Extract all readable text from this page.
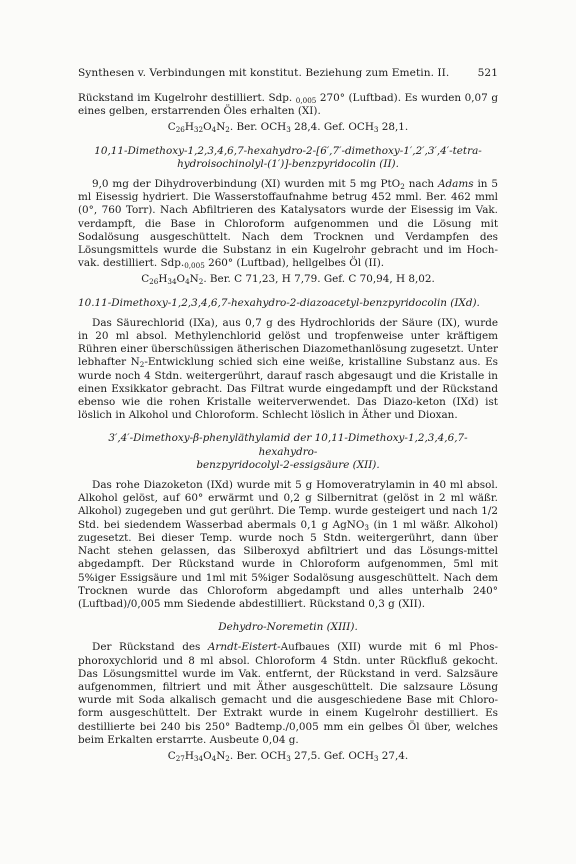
Synthesen v. Verbindungen mit konstitut. Beziehung zum Emetin. II.	521

Rückstand im Kugelrohr destilliert. Sdp. $_{0,005}$ 270° (Luftbad). Es wurden 0,07 g eines gelben, erstarrenden Öles erhalten (XI).

$C_{26}H_{32}O_4N_2$. Ber. $OCH_3$ 28,4. Gef. $OCH_3$ 28,1.

10,11-Dimethoxy-1,2,3,4,6,7-hexahydro-2-[6′,7′-dimethoxy-1′,2′,3′,4′-tetra-
hydroisochinolyl-(1′)]-benzpyridocolin (II).

9,0 mg der Dihydroverbindung (XI) wurden mit 5 mg PtO$_2$ nach Adams in 5 ml Eisessig hydriert. Die Wasserstoffaufnahme betrug 452 mml. Ber. 462 mml (0°, 760 Torr). Nach Abfiltrieren des Katalysators wurde der Eisessig im Vak. verdampft, die Base in Chloroform aufgenommen und die Lösung mit Sodalösung ausgeschüttelt. Nach dem Trocknen und Verdampfen des Lösungsmittels wurde die Substanz in ein Kugelrohr gebracht und im Hoch-vak. destilliert. $Sdp._{0,005}$ 260° (Luftbad), hellgelbes Öl (II).

$C_{26}H_{34}O_4N_2$. Ber. C 71,23, H 7,79. Gef. C 70,94, H 8,02.

10.11-Dimethoxy-1,2,3,4,6,7-hexahydro-2-diazoacetyl-benzpyridocolin (IXd).

Das Säurechlorid (IXa), aus 0,7 g des Hydrochlorids der Säure (IX), wurde in 20 ml absol. Methylenchlorid gelöst und tropfenweise unter kräftigem Rühren einer überschüssigen ätherischen Diazomethanlösung zugesetzt. Unter lebhafter $N_2$-Entwicklung schied sich eine weiße, kristalline Substanz aus. Es wurde noch 4 Stdn. weitergerührt, darauf rasch abgesaugt und die Kristalle in einen Exsikkator gebracht. Das Filtrat wurde eingedampft und der Rückstand ebenso wie die rohen Kristalle weiterverwendet. Das Diazo-keton (IXd) ist löslich in Alkohol und Chloroform. Schlecht löslich in Äther und Dioxan.

3′,4′-Dimethoxy-β-phenyläthylamid der 10,11-Dimethoxy-1,2,3,4,6,7-hexahydro-
benzpyridocolyl-2-essigsäure (XII).

Das rohe Diazoketon (IXd) wurde mit 5 g Homoveratrylamin in 40 ml absol. Alkohol gelöst, auf 60° erwärmt und 0,2 g Silbernitrat (gelöst in 2 ml wäßr. Alkohol) zugegeben und gut gerührt. Die Temp. wurde gesteigert und nach 1/2 Std. bei siedendem Wasserbad abermals 0,1 g AgNO$_3$ (in 1 ml wäßr. Alkohol) zugesetzt. Bei dieser Temp. wurde noch 5 Stdn. weitergerührt, dann über Nacht stehen gelassen, das Silberoxyd abfiltriert und das Lösungs-mittel abgedampft. Der Rückstand wurde in Chloroform aufgenommen, 5ml mit 5%iger Essigsäure und 1ml mit 5%iger Sodalösung ausgeschüttelt. Nach dem Trocknen wurde das Chloroform abgedampft und alles unterhalb 240° (Luftbad)/0,005 mm Siedende abdestilliert. Rückstand 0,3 g (XII).

Dehydro-Noremetin (XIII).

Der Rückstand des Arndt-Eistert-Aufbaues (XII) wurde mit 6 ml Phos-phoroxychlorid und 8 ml absol. Chloroform 4 Stdn. unter Rückfluß gekocht. Das Lösungsmittel wurde im Vak. entfernt, der Rückstand in verd. Salzsäure aufgenommen, filtriert und mit Äther ausgeschüttelt. Die salzsaure Lösung wurde mit Soda alkalisch gemacht und die ausgeschiedene Base mit Chloro-form ausgeschüttelt. Der Extrakt wurde in einem Kugelrohr destilliert. Es destillierte bei 240 bis 250° Badtemp./0,005 mm ein gelbes Öl über, welches beim Erkalten erstarrte. Ausbeute 0,04 g.

$C_{27}H_{34}O_4N_2$. Ber. $OCH_3$ 27,5. Gef. $OCH_3$ 27,4.
